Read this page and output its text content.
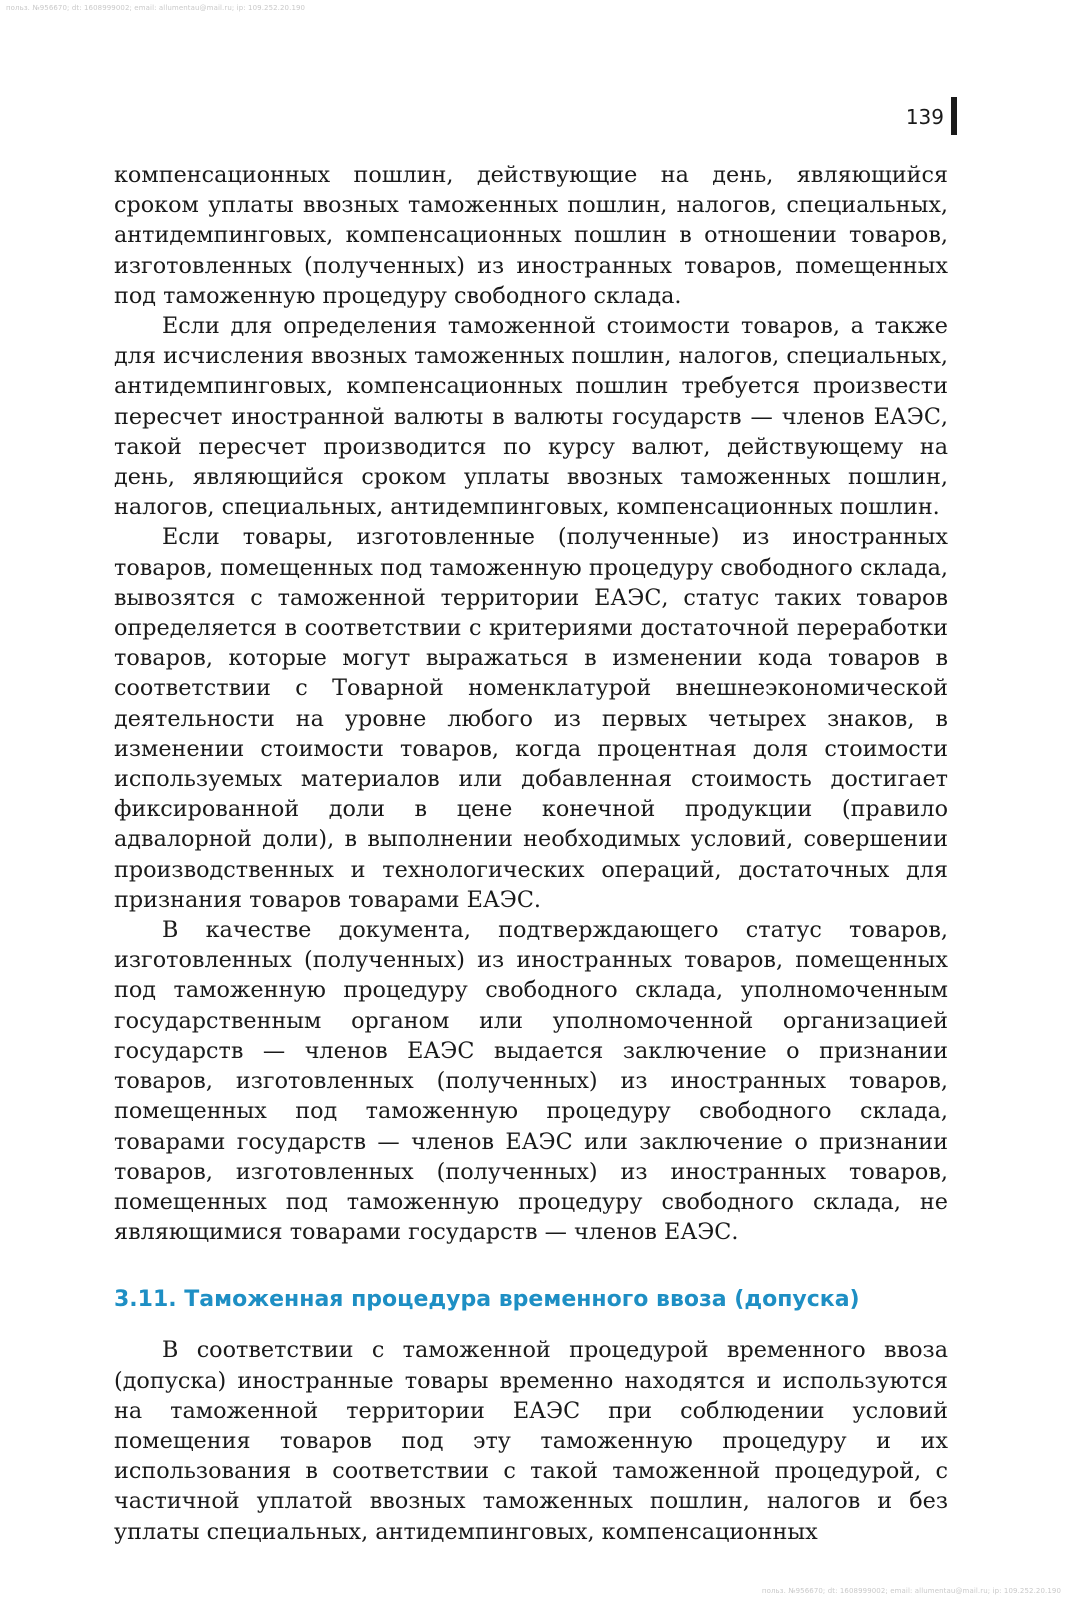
польз. №956670; dt: 1608999002; email: allumentau@mail.ru; ip: 109.252.20.190
139

компенсационных пошлин, действующие на день, являющийся сроком уплаты ввозных таможенных пошлин, налогов, специальных, антидемпинговых, компенсационных пошлин в отношении товаров, изготовленных (полученных) из иностранных товаров, помещенных под таможенную процедуру свободного склада.

Если для определения таможенной стоимости товаров, а также для исчисления ввозных таможенных пошлин, налогов, специальных, антидемпинговых, компенсационных пошлин требуется произвести пересчет иностранной валюты в валюты государств — членов ЕАЭС, такой пересчет производится по курсу валют, действующему на день, являющийся сроком уплаты ввозных таможенных пошлин, налогов, специальных, антидемпинговых, компенсационных пошлин.

Если товары, изготовленные (полученные) из иностранных товаров, помещенных под таможенную процедуру свободного склада, вывозятся с таможенной территории ЕАЭС, статус таких товаров определяется в соответствии с критериями достаточной переработки товаров, которые могут выражаться в изменении кода товаров в соответствии с Товарной номенклатурой внешнеэкономической деятельности на уровне любого из первых четырех знаков, в изменении стоимости товаров, когда процентная доля стоимости используемых материалов или добавленная стоимость достигает фиксированной доли в цене конечной продукции (правило адвалорной доли), в выполнении необходимых условий, совершении производственных и технологических операций, достаточных для признания товаров товарами ЕАЭС.

В качестве документа, подтверждающего статус товаров, изготовленных (полученных) из иностранных товаров, помещенных под таможенную процедуру свободного склада, уполномоченным государственным органом или уполномоченной организацией государств — членов ЕАЭС выдается заключение о признании товаров, изготовленных (полученных) из иностранных товаров, помещенных под таможенную процедуру свободного склада, товарами государств — членов ЕАЭС или заключение о признании товаров, изготовленных (полученных) из иностранных товаров, помещенных под таможенную процедуру свободного склада, не являющимися товарами государств — членов ЕАЭС.

3.11. Таможенная процедура временного ввоза (допуска)

В соответствии с таможенной процедурой временного ввоза (допуска) иностранные товары временно находятся и используются на таможенной территории ЕАЭС при соблюдении условий помещения товаров под эту таможенную процедуру и их использования в соответствии с такой таможенной процедурой, с частичной уплатой ввозных таможенных пошлин, налогов и без уплаты специальных, антидемпинговых, компенсационных

польз. №956670; dt: 1608999002; email: allumentau@mail.ru; ip: 109.252.20.190
